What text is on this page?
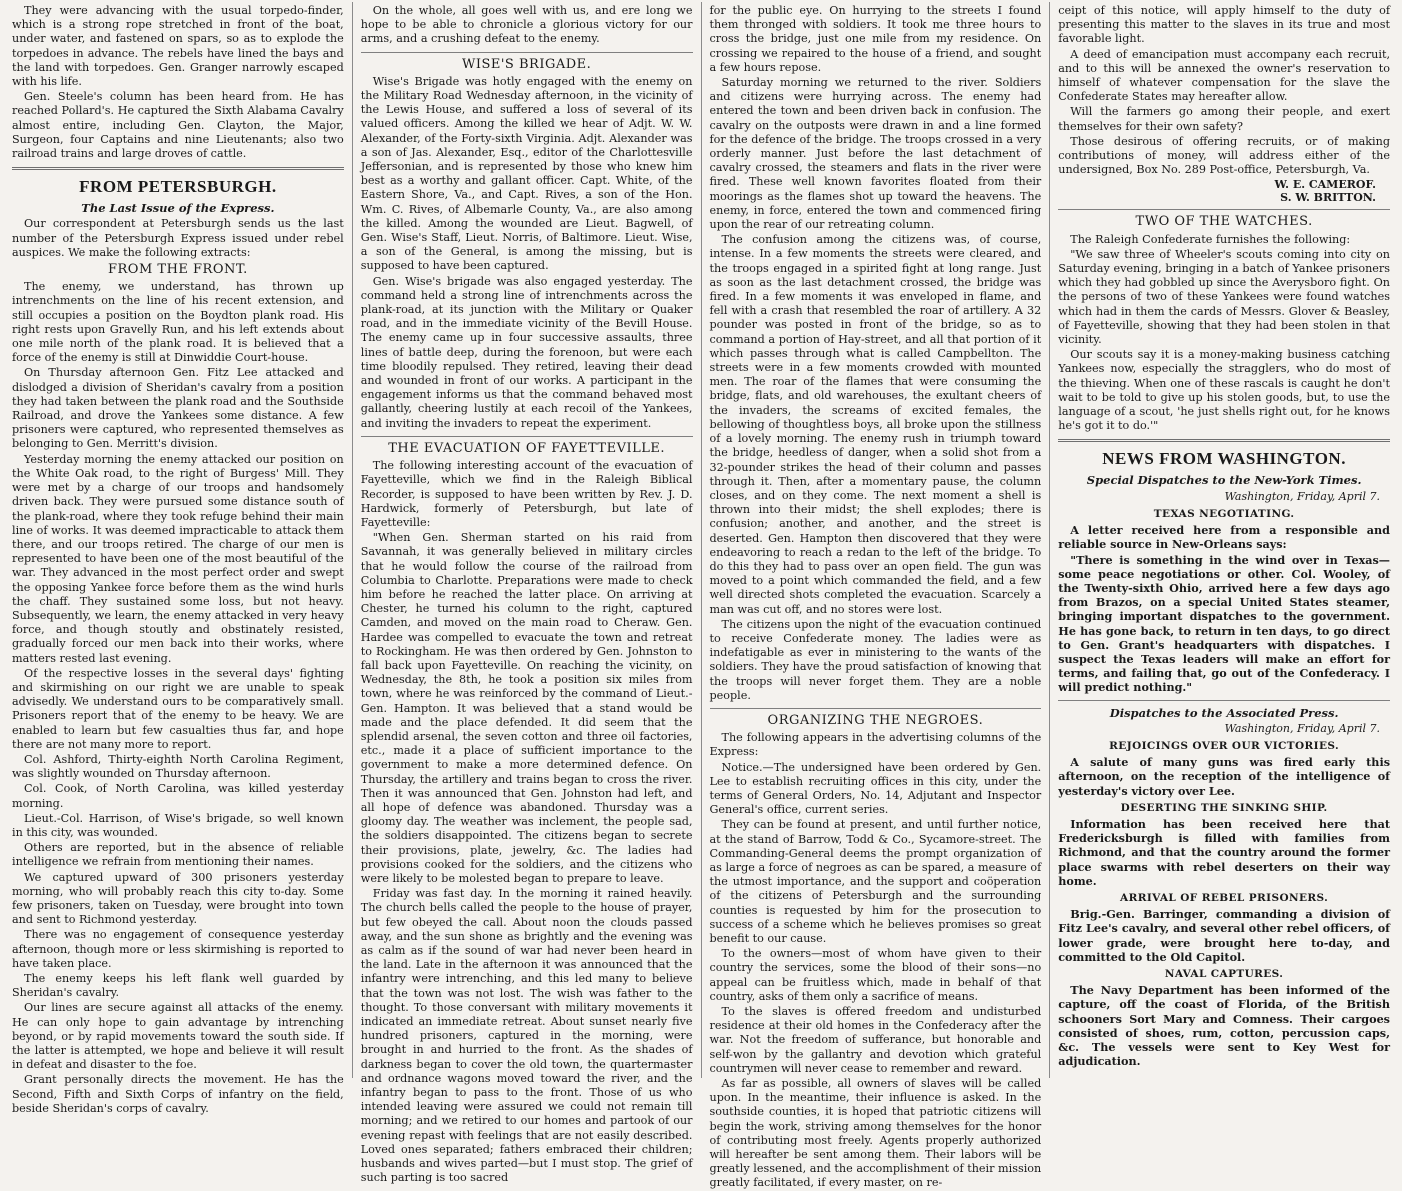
They were advancing with the usual torpedo-finder, which is a strong rope stretched in front of the boat, under water, and fastened on spars, so as to explode the torpedoes in advance. The rebels have lined the bays and the land with torpedoes. Gen. Granger narrowly escaped with his life.

Gen. Steele's column has been heard from. He has reached Pollard's. He captured the Sixth Alabama Cavalry almost entire, including Gen. Clayton, the Major, Surgeon, four Captains and nine Lieutenants; also two railroad trains and large droves of cattle.

FROM PETERSBURGH.
The Last Issue of the Express.

Our correspondent at Petersburgh sends us the last number of the Petersburgh Express issued under rebel auspices. We make the following extracts:

FROM THE FRONT.

The enemy, we understand, has thrown up intrenchments on the line of his recent extension, and still occupies a position on the Boydton plank road. His right rests upon Gravelly Run, and his left extends about one mile north of the plank road. It is believed that a force of the enemy is still at Dinwiddie Court-house.

On Thursday afternoon Gen. Fitz Lee attacked and dislodged a division of Sheridan's cavalry from a position they had taken between the plank road and the Southside Railroad, and drove the Yankees some distance. A few prisoners were captured, who represented themselves as belonging to Gen. Merritt's division.

Yesterday morning the enemy attacked our position on the White Oak road, to the right of Burgess' Mill. They were met by a charge of our troops and handsomely driven back. They were pursued some distance south of the plank-road, where they took refuge behind their main line of works. It was deemed impracticable to attack them there, and our troops retired. The charge of our men is represented to have been one of the most beautiful of the war. They advanced in the most perfect order and swept the opposing Yankee force before them as the wind hurls the chaff. They sustained some loss, but not heavy. Subsequently, we learn, the enemy attacked in very heavy force, and though stoutly and obstinately resisted, gradually forced our men back into their works, where matters rested last evening.

Of the respective losses in the several days' fighting and skirmishing on our right we are unable to speak advisedly. We understand ours to be comparatively small. Prisoners report that of the enemy to be heavy. We are enabled to learn but few casualties thus far, and hope there are not many more to report.

Col. Ashford, Thirty-eighth North Carolina Regiment, was slightly wounded on Thursday afternoon.

Col. Cook, of North Carolina, was killed yesterday morning.

Lieut.-Col. Harrison, of Wise's brigade, so well known in this city, was wounded.

Others are reported, but in the absence of reliable intelligence we refrain from mentioning their names.

We captured upward of 300 prisoners yesterday morning, who will probably reach this city to-day. Some few prisoners, taken on Tuesday, were brought into town and sent to Richmond yesterday.

There was no engagement of consequence yesterday afternoon, though more or less skirmishing is reported to have taken place.

The enemy keeps his left flank well guarded by Sheridan's cavalry.

Our lines are secure against all attacks of the enemy. He can only hope to gain advantage by intrenching beyond, or by rapid movements toward the south side. If the latter is attempted, we hope and believe it will result in defeat and disaster to the foe.

Grant personally directs the movement. He has the Second, Fifth and Sixth Corps of infantry on the field, beside Sheridan's corps of cavalry.

On the whole, all goes well with us, and ere long we hope to be able to chronicle a glorious victory for our arms, and a crushing defeat to the enemy.

WISE'S BRIGADE.

Wise's Brigade was hotly engaged with the enemy on the Military Road Wednesday afternoon, in the vicinity of the Lewis House, and suffered a loss of several of its valued officers. Among the killed we hear of Adjt. W. W. Alexander, of the Forty-sixth Virginia. Adjt. Alexander was a son of Jas. Alexander, Esq., editor of the Charlottesville Jeffersonian, and is represented by those who knew him best as a worthy and gallant officer. Capt. White, of the Eastern Shore, Va., and Capt. Rives, a son of the Hon. Wm. C. Rives, of Albemarle County, Va., are also among the killed. Among the wounded are Lieut. Bagwell, of Gen. Wise's Staff, Lieut. Norris, of Baltimore. Lieut. Wise, a son of the General, is among the missing, but is supposed to have been captured.

Gen. Wise's brigade was also engaged yesterday. The command held a strong line of intrenchments across the plank-road, at its junction with the Military or Quaker road, and in the immediate vicinity of the Bevill House. The enemy came up in four successive assaults, three lines of battle deep, during the forenoon, but were each time bloodily repulsed. They retired, leaving their dead and wounded in front of our works. A participant in the engagement informs us that the command behaved most gallantly, cheering lustily at each recoil of the Yankees, and inviting the invaders to repeat the experiment.

THE EVACUATION OF FAYETTEVILLE.

The following interesting account of the evacuation of Fayetteville, which we find in the Raleigh Biblical Recorder, is supposed to have been written by Rev. J. D. Hardwick, formerly of Petersburgh, but late of Fayetteville:

"When Gen. Sherman started on his raid from Savannah, it was generally believed in military circles that he would follow the course of the railroad from Columbia to Charlotte. Preparations were made to check him before he reached the latter place. On arriving at Chester, he turned his column to the right, captured Camden, and moved on the main road to Cheraw. Gen. Hardee was compelled to evacuate the town and retreat to Rockingham. He was then ordered by Gen. Johnston to fall back upon Fayetteville. On reaching the vicinity, on Wednesday, the 8th, he took a position six miles from town, where he was reinforced by the command of Lieut.-Gen. Hampton. It was believed that a stand would be made and the place defended. It did seem that the splendid arsenal, the seven cotton and three oil factories, etc., made it a place of sufficient importance to the government to make a more determined defence. On Thursday, the artillery and trains began to cross the river. Then it was announced that Gen. Johnston had left, and all hope of defence was abandoned. Thursday was a gloomy day. The weather was inclement, the people sad, the soldiers disappointed. The citizens began to secrete their provisions, plate, jewelry, &c. The ladies had provisions cooked for the soldiers, and the citizens who were likely to be molested began to prepare to leave.

Friday was fast day. In the morning it rained heavily. The church bells called the people to the house of prayer, but few obeyed the call. About noon the clouds passed away, and the sun shone as brightly and the evening was as calm as if the sound of war had never been heard in the land. Late in the afternoon it was announced that the infantry were intrenching, and this led many to believe that the town was not lost. The wish was father to the thought. To those conversant with military movements it indicated an immediate retreat. About sunset nearly five hundred prisoners, captured in the morning, were brought in and hurried to the front. As the shades of darkness began to cover the old town, the quartermaster and ordnance wagons moved toward the river, and the infantry began to pass to the front. Those of us who intended leaving were assured we could not remain till morning; and we retired to our homes and partook of our evening repast with feelings that are not easily described. Loved ones separated; fathers embraced their children; husbands and wives parted—but I must stop. The grief of such parting is too sacred

for the public eye. On hurrying to the streets I found them thronged with soldiers. It took me three hours to cross the bridge, just one mile from my residence. On crossing we repaired to the house of a friend, and sought a few hours repose.

Saturday morning we returned to the river. Soldiers and citizens were hurrying across. The enemy had entered the town and been driven back in confusion. The cavalry on the outposts were drawn in and a line formed for the defence of the bridge. The troops crossed in a very orderly manner. Just before the last detachment of cavalry crossed, the steamers and flats in the river were fired. These well known favorites floated from their moorings as the flames shot up toward the heavens. The enemy, in force, entered the town and commenced firing upon the rear of our retreating column.

The confusion among the citizens was, of course, intense. In a few moments the streets were cleared, and the troops engaged in a spirited fight at long range. Just as soon as the last detachment crossed, the bridge was fired. In a few moments it was enveloped in flame, and fell with a crash that resembled the roar of artillery. A 32 pounder was posted in front of the bridge, so as to command a portion of Hay-street, and all that portion of it which passes through what is called Campbellton. The streets were in a few moments crowded with mounted men. The roar of the flames that were consuming the bridge, flats, and old warehouses, the exultant cheers of the invaders, the screams of excited females, the bellowing of thoughtless boys, all broke upon the stillness of a lovely morning. The enemy rush in triumph toward the bridge, heedless of danger, when a solid shot from a 32-pounder strikes the head of their column and passes through it. Then, after a momentary pause, the column closes, and on they come. The next moment a shell is thrown into their midst; the shell explodes; there is confusion; another, and another, and the street is deserted. Gen. Hampton then discovered that they were endeavoring to reach a redan to the left of the bridge. To do this they had to pass over an open field. The gun was moved to a point which commanded the field, and a few well directed shots completed the evacuation. Scarcely a man was cut off, and no stores were lost.

The citizens upon the night of the evacuation continued to receive Confederate money. The ladies were as indefatigable as ever in ministering to the wants of the soldiers. They have the proud satisfaction of knowing that the troops will never forget them. They are a noble people.

ORGANIZING THE NEGROES.

The following appears in the advertising columns of the Express:

Notice.—The undersigned have been ordered by Gen. Lee to establish recruiting offices in this city, under the terms of General Orders, No. 14, Adjutant and Inspector General's office, current series.

They can be found at present, and until further notice, at the stand of Barrow, Todd & Co., Sycamore-street. The Commanding-General deems the prompt organization of as large a force of negroes as can be spared, a measure of the utmost importance, and the support and coöperation of the citizens of Petersburgh and the surrounding counties is requested by him for the prosecution to success of a scheme which he believes promises so great benefit to our cause.

To the owners—most of whom have given to their country the services, some the blood of their sons—no appeal can be fruitless which, made in behalf of that country, asks of them only a sacrifice of means.

To the slaves is offered freedom and undisturbed residence at their old homes in the Confederacy after the war. Not the freedom of sufferance, but honorable and self-won by the gallantry and devotion which grateful countrymen will never cease to remember and reward.

As far as possible, all owners of slaves will be called upon. In the meantime, their influence is asked. In the southside counties, it is hoped that patriotic citizens will begin the work, striving among themselves for the honor of contributing most freely. Agents properly authorized will hereafter be sent among them. Their labors will be greatly lessened, and the accomplishment of their mission greatly facilitated, if every master, on re-

ceipt of this notice, will apply himself to the duty of presenting this matter to the slaves in its true and most favorable light.

A deed of emancipation must accompany each recruit, and to this will be annexed the owner's reservation to himself of whatever compensation for the slave the Confederate States may hereafter allow.

Will the farmers go among their people, and exert themselves for their own safety?

Those desirous of offering recruits, or of making contributions of money, will address either of the undersigned, Box No. 289 Post-office, Petersburgh, Va.

W. E. CAMEROF.
S. W. BRITTON.
TWO OF THE WATCHES.

The Raleigh Confederate furnishes the following:

"We saw three of Wheeler's scouts coming into city on Saturday evening, bringing in a batch of Yankee prisoners which they had gobbled up since the Averysboro fight. On the persons of two of these Yankees were found watches which had in them the cards of Messrs. Glover & Beasley, of Fayetteville, showing that they had been stolen in that vicinity.

Our scouts say it is a money-making business catching Yankees now, especially the stragglers, who do most of the thieving. When one of these rascals is caught he don't wait to be told to give up his stolen goods, but, to use the language of a scout, 'he just shells right out, for he knows he's got it to do.'"

NEWS FROM WASHINGTON.
Special Dispatches to the New-York Times.
Washington, Friday, April 7.
TEXAS NEGOTIATING.

A letter received here from a responsible and reliable source in New-Orleans says:

"There is something in the wind over in Texas—some peace negotiations or other. Col. Wooley, of the Twenty-sixth Ohio, arrived here a few days ago from Brazos, on a special United States steamer, bringing important dispatches to the government. He has gone back, to return in ten days, to go direct to Gen. Grant's headquarters with dispatches. I suspect the Texas leaders will make an effort for terms, and failing that, go out of the Confederacy. I will predict nothing."

Dispatches to the Associated Press.
Washington, Friday, April 7.
REJOICINGS OVER OUR VICTORIES.

A salute of many guns was fired early this afternoon, on the reception of the intelligence of yesterday's victory over Lee.

DESERTING THE SINKING SHIP.

Information has been received here that Fredericksburgh is filled with families from Richmond, and that the country around the former place swarms with rebel deserters on their way home.

ARRIVAL OF REBEL PRISONERS.

Brig.-Gen. Barringer, commanding a division of Fitz Lee's cavalry, and several other rebel officers, of lower grade, were brought here to-day, and committed to the Old Capitol.

NAVAL CAPTURES.

The Navy Department has been informed of the capture, off the coast of Florida, of the British schooners Sort Mary and Comness. Their cargoes consisted of shoes, rum, cotton, percussion caps, &c. The vessels were sent to Key West for adjudication.
